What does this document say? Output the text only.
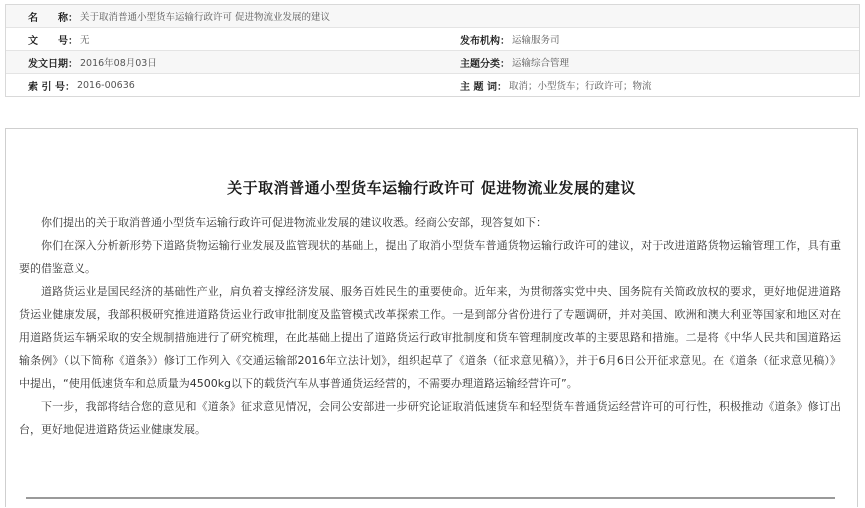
名　　称： 关于取消普通小型货车运输行政许可 促进物流业发展的建议
文　　号： 无	发布机构： 运输服务司
发文日期： 2016年08月03日	主题分类： 运输综合管理
索 引 号： 2016-00636	主 题 词： 取消；小型货车；行政许可；物流
关于取消普通小型货车运输行政许可 促进物流业发展的建议

你们提出的关于取消普通小型货车运输行政许可促进物流业发展的建议收悉。经商公安部，现答复如下：

你们在深入分析新形势下道路货物运输行业发展及监管现状的基础上，提出了取消小型货车普通货物运输行政许可的建议，对于改进道路货物运输管理工作，具有重要的借鉴意义。

道路货运业是国民经济的基础性产业，肩负着支撑经济发展、服务百姓民生的重要使命。近年来，为贯彻落实党中央、国务院有关简政放权的要求，更好地促进道路货运业健康发展，我部积极研究推进道路货运业行政审批制度及监管模式改革探索工作。一是到部分省份进行了专题调研，并对美国、欧洲和澳大利亚等国家和地区对在用道路货运车辆采取的安全规制措施进行了研究梳理，在此基础上提出了道路货运行政审批制度和货车管理制度改革的主要思路和措施。二是将《中华人民共和国道路运输条例》（以下简称《道条》）修订工作列入《交通运输部2016年立法计划》，组织起草了《道条（征求意见稿）》，并于6月6日公开征求意见。在《道条（征求意见稿）》中提出，“使用低速货车和总质量为4500kg以下的载货汽车从事普通货运经营的，不需要办理道路运输经营许可”。

下一步，我部将结合您的意见和《道条》征求意见情况，会同公安部进一步研究论证取消低速货车和轻型货车普通货运经营许可的可行性，积极推动《道条》修订出台，更好地促进道路货运业健康发展。
